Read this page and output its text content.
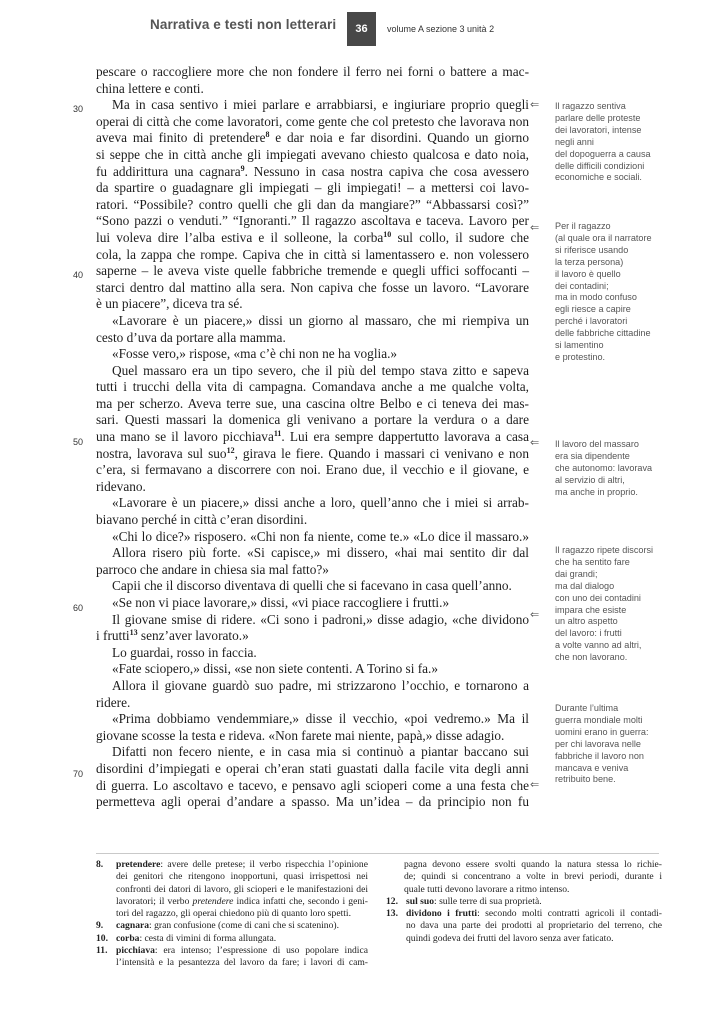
Narrativa e testi non letterari	36	volume A sezione 3 unità 2
30
40
50
60
70
pescare o raccogliere more che non fondere il ferro nei forni o battere a mac-
china lettere e conti.
Ma in casa sentivo i miei parlare e arrabbiarsi, e ingiuriare proprio quegli
operai di città che come lavoratori, come gente che col pretesto che lavorava non
aveva mai finito di pretendere$^8$ e dar noia e far disordini. Quando un giorno
si seppe che in città anche gli impiegati avevano chiesto qualcosa e dato noia,
fu addirittura una cagnara$^9$. Nessuno in casa nostra capiva che cosa avessero
da spartire o guadagnare gli impiegati – gli impiegati! – a mettersi coi lavo-
ratori. “Possibile? contro quelli che gli dan da mangiare?” “Abbassarsi così?”
“Sono pazzi o venduti.” “Ignoranti.” Il ragazzo ascoltava e taceva. Lavoro per
lui voleva dire l’alba estiva e il solleone, la corba$^{10}$ sul collo, il sudore che
cola, la zappa che rompe. Capiva che in città si lamentassero e. non volessero
saperne – le aveva viste quelle fabbriche tremende e quegli uffici soffocanti –
starci dentro dal mattino alla sera. Non capiva che fosse un lavoro. “Lavorare
è un piacere”, diceva tra sé.
«Lavorare è un piacere,» dissi un giorno al massaro, che mi riempiva un
cesto d’uva da portare alla mamma.
«Fosse vero,» rispose, «ma c’è chi non ne ha voglia.»
Quel massaro era un tipo severo, che il più del tempo stava zitto e sapeva
tutti i trucchi della vita di campagna. Comandava anche a me qualche volta,
ma per scherzo. Aveva terre sue, una cascina oltre Belbo e ci teneva dei mas-
sari. Questi massari la domenica gli venivano a portare la verdura o a dare
una mano se il lavoro picchiava$^{11}$. Lui era sempre dappertutto lavorava a casa
nostra, lavorava sul suo$^{12}$, girava le fiere. Quando i massari ci venivano e non
c’era, si fermavano a discorrere con noi. Erano due, il vecchio e il giovane, e
ridevano.
«Lavorare è un piacere,» dissi anche a loro, quell’anno che i miei si arrab-
biavano perché in città c’eran disordini.
«Chi lo dice?» risposero. «Chi non fa niente, come te.» «Lo dice il massaro.»
Allora risero più forte. «Si capisce,» mi dissero, «hai mai sentito dir dal
parroco che andare in chiesa sia mal fatto?»
Capii che il discorso diventava di quelli che si facevano in casa quell’anno.
«Se non vi piace lavorare,» dissi, «vi piace raccogliere i frutti.»
Il giovane smise di ridere. «Ci sono i padroni,» disse adagio, «che dividono
i frutti$^{13}$ senz’aver lavorato.»
Lo guardai, rosso in faccia.
«Fate sciopero,» dissi, «se non siete contenti. A Torino si fa.»
Allora il giovane guardò suo padre, mi strizzarono l’occhio, e tornarono a
ridere.
«Prima dobbiamo vendemmiare,» disse il vecchio, «poi vedremo.» Ma il
giovane scosse la testa e rideva. «Non farete mai niente, papà,» disse adagio.
Difatti non fecero niente, e in casa mia si continuò a piantar baccano sui
disordini d’impiegati e operai ch’eran stati guastati dalla facile vita degli anni
di guerra. Lo ascoltavo e tacevo, e pensavo agli scioperi come a una festa che
permetteva agli operai d’andare a spasso. Ma un’idea – da principio non fu
⇐
⇐
⇐
⇐
⇐
Il ragazzo sentiva
parlare delle proteste
dei lavoratori, intense
negli anni
del dopoguerra a causa
delle difficili condizioni
economiche e sociali.
Per il ragazzo
(al quale ora il narratore
si riferisce usando
la terza persona)
il lavoro è quello
dei contadini;
ma in modo confuso
egli riesce a capire
perché i lavoratori
delle fabbriche cittadine
si lamentino
e protestino.
Il lavoro del massaro
era sia dipendente
che autonomo: lavorava
al servizio di altri,
ma anche in proprio.
Il ragazzo ripete discorsi
che ha sentito fare
dai grandi;
ma dal dialogo
con uno dei contadini
impara che esiste
un altro aspetto
del lavoro: i frutti
a volte vanno ad altri,
che non lavorano.
Durante l’ultima
guerra mondiale molti
uomini erano in guerra:
per chi lavorava nelle
fabbriche il lavoro non
mancava e veniva
retribuito bene.
8. pretendere: avere delle pretese; il verbo rispecchia l’opinione
dei genitori che ritengono inopportuni, quasi irrispettosi nei
confronti dei datori di lavoro, gli scioperi e le manifestazioni dei
lavoratori; il verbo pretendere indica infatti che, secondo i geni-
tori del ragazzo, gli operai chiedono più di quanto loro spetti.
9. cagnara: gran confusione (come di cani che si scatenino).
10. corba: cesta di vimini di forma allungata.
11. picchiava: era intenso; l’espressione di uso popolare indica
l’intensità e la pesantezza del lavoro da fare; i lavori di cam-
pagna devono essere svolti quando la natura stessa lo richie-
de; quindi si concentrano a volte in brevi periodi, durante i
quale tutti devono lavorare a ritmo intenso.
12. sul suo: sulle terre di sua proprietà.
13. dividono i frutti: secondo molti contratti agricoli il contadi-
no dava una parte dei prodotti al proprietario del terreno, che
quindi godeva dei frutti del lavoro senza aver faticato.
